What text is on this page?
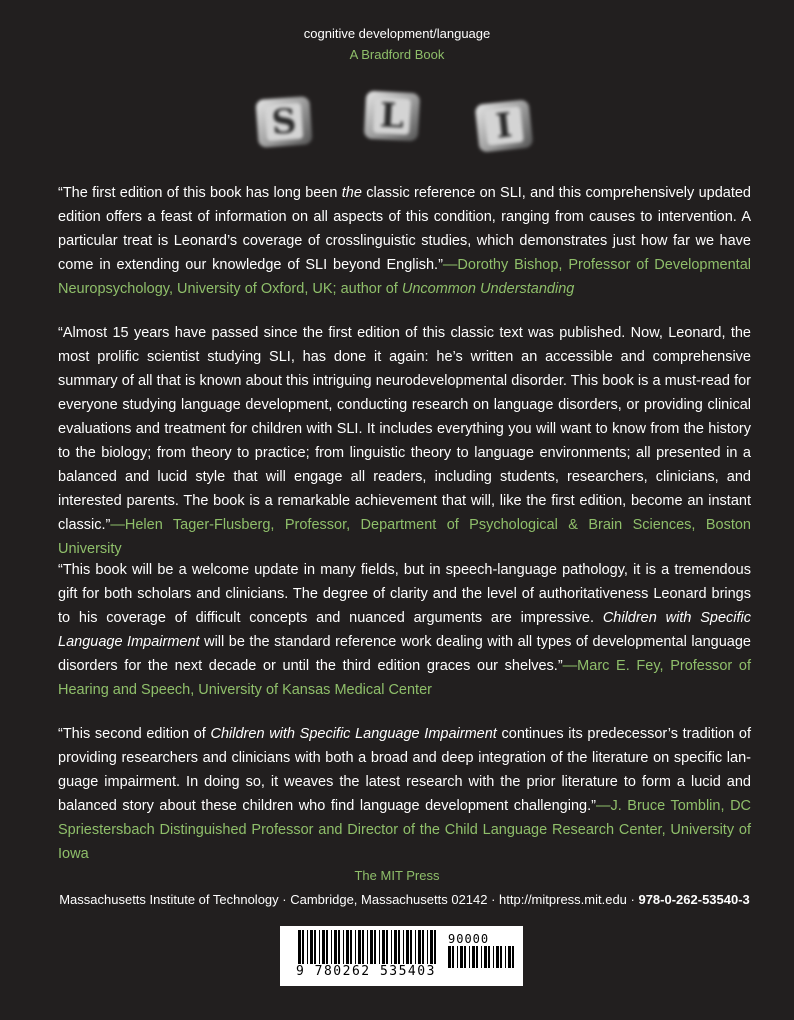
cognitive development/language
A Bradford Book
S L	I
“The first edition of this book has long been the classic reference on SLI, and this comprehensively updated edition offers a feast of information on all aspects of this condition, ranging from causes to intervention. A particular treat is Leonard’s coverage of crosslinguistic studies, which demonstrates just how far we have come in extending our knowledge of SLI beyond English.”—Dorothy Bishop, Professor of Developmental Neuropsychology, University of Oxford, UK; author of Uncommon Understanding
“Almost 15 years have passed since the first edition of this classic text was published. Now, Leonard, the most prolific scientist studying SLI, has done it again: he’s written an accessible and comprehensive summary of all that is known about this intriguing neurodevelopmental disorder. This book is a must-read for everyone studying language development, conducting research on language disorders, or providing clinical evaluations and treatment for children with SLI. It includes everything you will want to know from the history to the biology; from theory to practice; from linguistic theory to language environments; all presented in a balanced and lucid style that will engage all readers, including students, researchers, clinicians, and interested parents. The book is a remarkable achievement that will, like the first edition, become an instant classic.”—Helen Tager-Flusberg, Professor, Department of Psychological & Brain Sciences, Boston University
“This book will be a welcome update in many fields, but in speech-language pathology, it is a tremendous gift for both scholars and clinicians. The degree of clarity and the level of authoritativeness Leonard brings to his coverage of difficult concepts and nuanced arguments are impressive. Children with Specific Language Impairment will be the standard reference work dealing with all types of developmental language disorders for the next decade or until the third edition graces our shelves.”—Marc E. Fey, Professor of Hearing and Speech, University of Kansas Medical Center
“This second edition of Children with Specific Language Impairment continues its predecessor’s tradition of providing researchers and clinicians with both a broad and deep integration of the literature on specific language impairment. In doing so, it weaves the latest research with the prior literature to form a lucid and balanced story about these children who find language development challenging.”—J. Bruce Tomblin, DC Spriestersbach Distinguished Professor and Director of the Child Language Research Center, University of Iowa
The MIT Press
Massachusetts Institute of Technology · Cambridge, Massachusetts 02142 · http://mitpress.mit.edu · 978-0-262-53540-3
9 780262 535403
90000
